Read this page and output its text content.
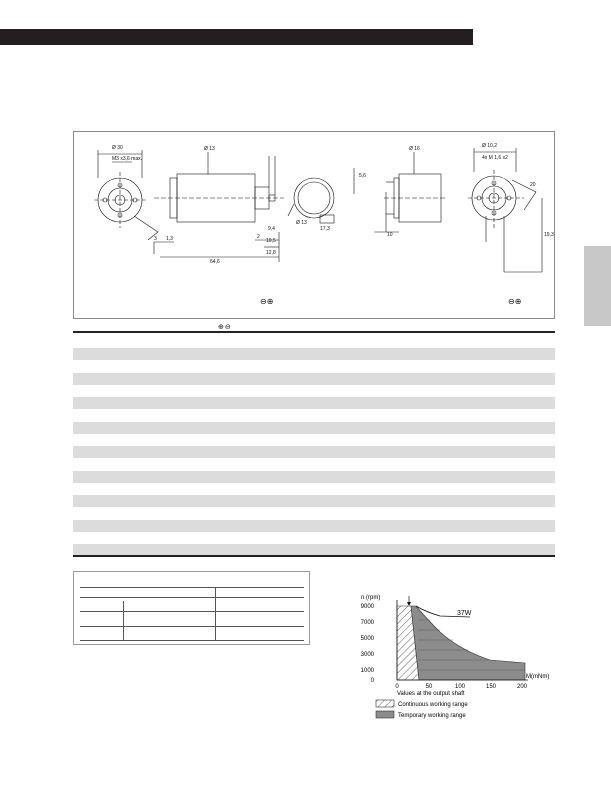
Ø 30
M3 x3,6 max.
64,6
3 1,3	2
10,5
12,8
9,4	17,3
5,6
Ø 10,2
4x M 1,6 x2
10	19,3
Ø 13
Ø 13
Ø 16
20
⊖⊕	⊖⊕
⊕⊖
n (rpm)
9000
7000
5000
3000
1000
0
37W
0	50	100	150	200
M(mNm)
Values at the output shaft
Continuous working range
Temporary working range
